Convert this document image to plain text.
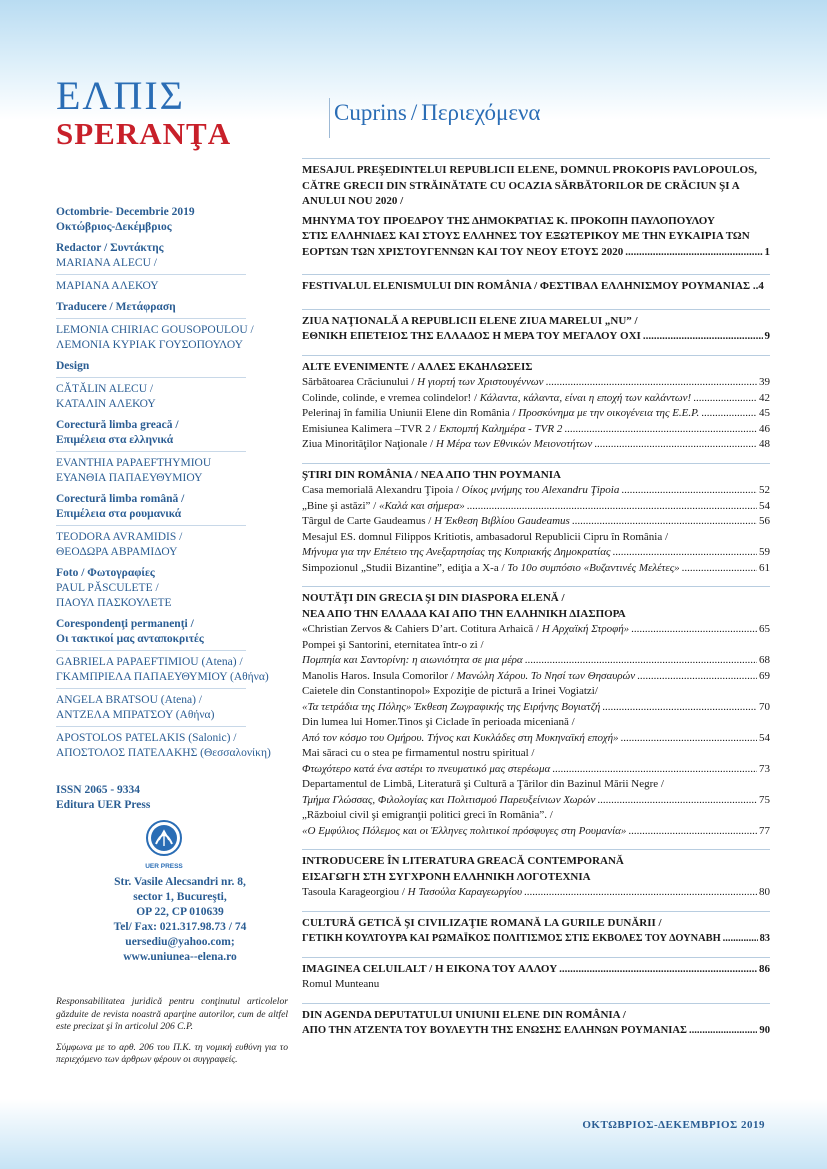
ΕΛΠΙΣ
SPERANŢA
Octombrie- Decembrie 2019
Οκτώβριος-Δεκέμβριος
Redactor / Συντάκτης
MARIANA ALECU /
ΜΑΡΙΑΝΑ ΑΛΕΚΟΥ
Traducere / Μετάφραση
LEMONIA CHIRIAC GOUSOPOULOU /
ΛΕΜΟΝΙΑ ΚΥΡΙΑΚ ΓΟΥΣΟΠΟΥΛΟΥ
Design
CĂTĂLIN ALECU /
ΚΑΤΑΛΙΝ ΑΛΕΚΟΥ
Corectură limba greacă /
Επιμέλεια στα ελληνικά
EVANTHIA PAPAEFTHYMIOU
ΕΥΑΝΘΙΑ ΠΑΠΑΕΥΘΥΜΙΟΥ
Corectură limba română /
Επιμέλεια στα ρουμανικά
TEODORA AVRAMIDIS /
ΘΕΟΔΩΡΑ ΑΒΡΑΜΙΔΟΥ
Foto / Φωτογραφίες
PAUL PĂSCULETE /
ΠΑΟΥΛ ΠΑΣΚΟΥΛΕΤΕ
Corespondenţi permanenţi /
Οι τακτικοί μας ανταποκριτές
GABRIELA PAPAEFTIMIOU (Atena) /
ΓΚΑΜΠΡΙΕΛΑ ΠΑΠΑΕΥΘΥΜΙΟΥ (Αθήνα)
ANGELA BRATSOU (Atena) /
ΑΝΤΖΕΛΑ ΜΠΡΑΤΣΟΥ (Αθήνα)
APOSTOLOS PATELAKIS (Salonic) /
ΑΠΟΣΤΟΛΟΣ ΠΑΤΕΛΑΚΗΣ (Θεσσαλονίκη)
ISSN 2065 - 9334
Editura UER Press
UER PRESS
Str. Vasile Alecsandri nr. 8,
sector 1, Bucureşti,
OP 22, CP 010639
Tel/ Fax: 021.317.98.73 / 74
uersediu@yahoo.com;
www.uniunea--elena.ro

Responsabilitatea juridică pentru conţinutul articolelor găzduite de revista noastră aparţine autorilor, cum de altfel este precizat şi în articolul 206 C.P.

Σύμφωνα με το αρθ. 206 του Π.Κ. τη νομική ευθύνη για το περιεχόμενο των άρθρων φέρουν οι συγγραφείς.

Cuprins / Περιεχόμενα
MESAJUL PREŞEDINTELUI REPUBLICII ELENE, DOMNUL PROKOPIS PAVLOPOULOS,
CĂTRE GRECII DIN STRĂINĂTATE CU OCAZIA SĂRBĂTORILOR DE CRĂCIUN ŞI A
ANULUI NOU 2020 /
ΜΗΝΥΜΑ ΤΟΥ ΠΡΟΕΔΡΟΥ ΤΗΣ ΔΗΜΟΚΡΑΤΙΑΣ Κ. ΠΡΟΚΟΠΗ ΠΑΥΛΟΠΟΥΛΟΥ
ΣΤΙΣ ΕΛΛΗΝΙΔΕΣ ΚΑΙ ΣΤΟΥΣ ΕΛΛΗΝΕΣ ΤΟΥ ΕΞΩΤΕΡΙΚΟΥ ΜΕ ΤΗΝ ΕΥΚΑΙΡΙΑ ΤΩΝ
ΕΟΡΤΩΝ ΤΩΝ ΧΡΙΣΤΟΥΓΕΝΝΩΝ ΚΑΙ ΤΟΥ ΝΕΟΥ ΕΤΟΥΣ 2020 .....	1
FESTIVALUL ELENISMULUI DIN ROMÂNIA / ΦΕΣΤΙΒΑΛ ΕΛΛΗΝΙΣΜΟΥ ΡΟΥΜΑΝΙΑΣ ..4
ZIUA NAŢIONALĂ A REPUBLICII ELENE ZIUA MARELUI „NU” /
ΕΘΝΙΚΗ ΕΠΕΤΕΙΟΣ ΤΗΣ ΕΛΛΑΔΟΣ Η ΜΕΡΑ ΤΟΥ ΜΕΓΑΛΟΥ ΟΧΙ .....	9
ALTE EVENIMENTE / ΑΛΛΕΣ ΕΚΔΗΛΩΣΕΙΣ
Sărbătoarea Crăciunului / Η γιορτή των Χριστουγέννων .....	39
Colinde, colinde, e vremea colindelor! / Κάλαντα, κάλαντα, είναι η εποχή των καλάντων! .....	42
Pelerinaj în familia Uniunii Elene din România / Προσκύνημα με την οικογένεια της Ε.Ε.Ρ. .....	45
Emisiunea Kalimera –TVR 2 / Εκπομπή Καλημέρα - TVR 2 .....	46
Ziua Minorităţilor Naţionale / Η Μέρα των Εθνικών Μειονοτήτων .....	48
ŞTIRI DIN ROMÂNIA / ΝΕΑ ΑΠΟ ΤΗΝ ΡΟΥΜΑΝΙΑ
Casa memorială Alexandru Ţipoia / Οίκος μνήμης του Alexandru Ţipoia .....	52
„Bine şi astăzi” / «Καλά και σήμερα» .....	54
Târgul de Carte Gaudeamus / Η Έκθεση Βιβλίου Gaudeamus .....	56
Mesajul ES. domnul Filippos Kritiotis, ambasadorul Republicii Cipru în România /
Μήνυμα για την Επέτειο της Ανεξαρτησίας της Κυπριακής Δημοκρατίας .....	59
Simpozionul „Studii Bizantine”, ediţia a X-a / Το 10ο συμπόσιο «Βυζαντινές Μελέτες» .....	61
NOUTĂŢI DIN GRECIA ŞI DIN DIASPORA ELENĂ /
ΝΕΑ ΑΠΟ ΤΗΝ ΕΛΛΑΔΑ ΚΑΙ ΑΠΟ ΤΗΝ ΕΛΛΗΝΙΚΗ ΔΙΑΣΠΟΡΑ
«Christian Zervos & Cahiers D’art. Cotitura Arhaică / Η Αρχαϊκή Στροφή» .....	65
Pompei şi Santorini, eternitatea într-o zi /
Πομπηία και Σαντορίνη: η αιωνιότητα σε μια μέρα .....	68
Manolis Haros. Insula Comorilor / Μανώλη Χάρου. Το Νησί των Θησαυρών .....	69
Caietele din Constantinopol» Expoziţie de pictură a Irinei Vogiatzi/
«Τα τετράδια της Πόλης» Έκθεση Ζωγραφικής της Ειρήνης Βογιατζή .....	70
Din lumea lui Homer.Tinos şi Ciclade în perioada miceniană /
Από τον κόσμο του Ομήρου. Τήνος και Κυκλάδες στη Μυκηναϊκή εποχή» .....	54
Mai săraci cu o stea pe firmamentul nostru spiritual /
Φτωχότερο κατά ένα αστέρι το πνευματικό μας στερέωμα .....	73
Departamentul de Limbă, Literatură şi Cultură a Ţărilor din Bazinul Mării Negre /
Τμήμα Γλώσσας, Φιλολογίας και Πολιτισμού Παρευξείνιων Χωρών .....	75
„Războiul civil şi emigranţii politici greci în România”. /
«Ο Εμφύλιος Πόλεμος και οι Έλληνες πολιτικοί πρόσφυγες στη Ρουμανία» .....	77
INTRODUCERE ÎN LITERATURA GREACĂ CONTEMPORANĂ
ΕΙΣΑΓΩΓΗ ΣΤΗ ΣΥΓΧΡΟΝΗ ΕΛΛΗΝΙΚΗ ΛΟΓΟΤΕΧΝΙΑ
Tasoula Karageorgiou / Η Τασούλα Καραγεωργίου .....	80
CULTURĂ GETICĂ ŞI CIVILIZAŢIE ROMANĂ LA GURILE DUNĂRII /
ΓΕΤΙΚΗ ΚΟΥΛΤΟΥΡΑ ΚΑΙ ΡΩΜΑΪΚΟΣ ΠΟΛΙΤΙΣΜΟΣ ΣΤΙΣ ΕΚΒΟΛΕΣ ΤΟΥ ΔΟΥΝΑΒΗ .....	83
IMAGINEA CELUILALT / Η ΕΙΚΟΝΑ ΤΟΥ ΑΛΛΟΥ .....	86
Romul Munteanu
DIN AGENDA DEPUTATULUI UNIUNII ELENE DIN ROMÂNIA /
ΑΠΟ ΤΗΝ ΑΤΖΕΝΤΑ ΤΟΥ ΒΟΥΛΕΥΤΗ ΤΗΣ ΕΝΩΣΗΣ ΕΛΛΗΝΩΝ ΡΟΥΜΑΝΙΑΣ .....	90
ΟΚΤΩΒΡΙΟΣ-ΔΕΚΕΜΒΡΙΟΣ 2019
